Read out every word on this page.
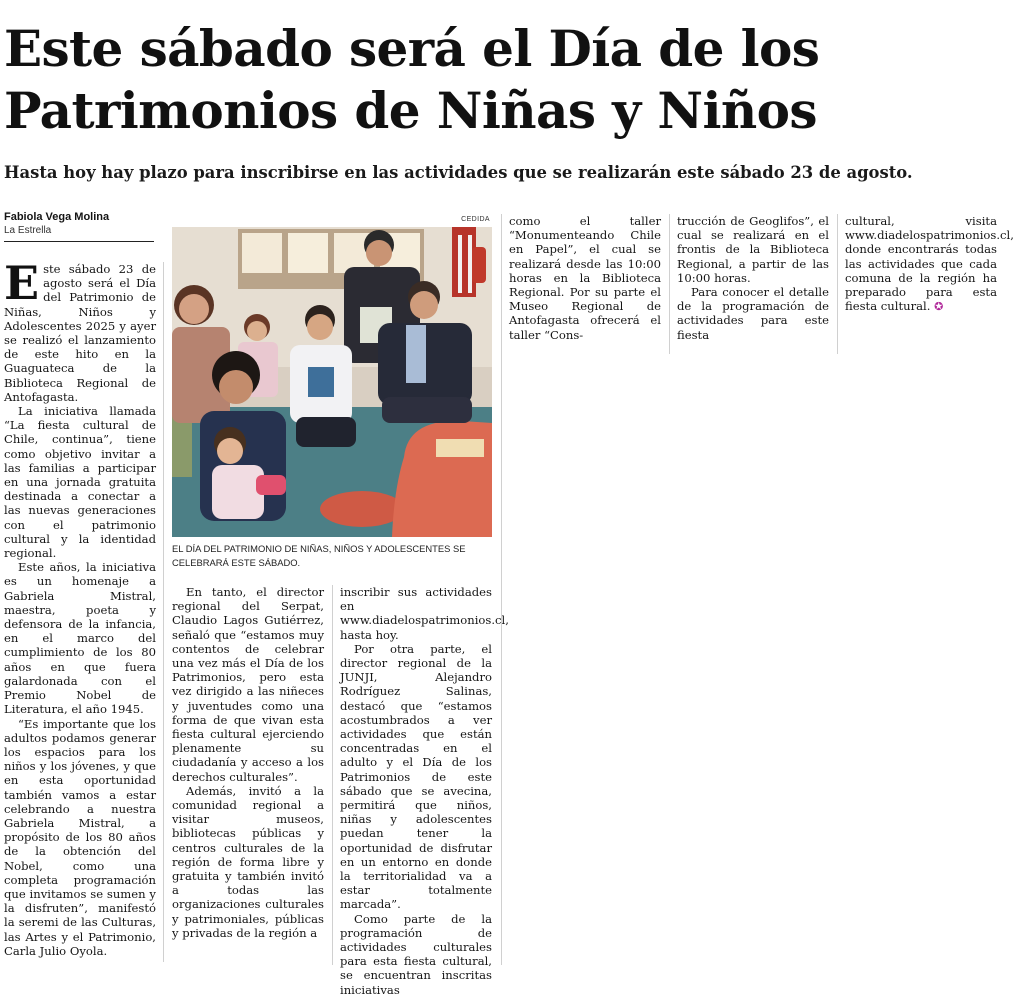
Este sábado será el Día de los
Patrimonios de Niñas y Niños

Hasta hoy hay plazo para inscribirse en las actividades que se realizarán este sábado 23 de agosto.

Fabiola Vega Molina
La Estrella

Este sábado 23 de agosto será el Día del Patrimonio de Niñas, Niños y Adolescentes 2025 y ayer se realizó el lanzamiento de este hito en la Guaguateca de la Biblioteca Regional de Antofagasta.

La iniciativa llamada “La fiesta cultural de Chile, continua”, tiene como objetivo invitar a las familias a participar en una jornada gratuita destinada a conectar a las nuevas generaciones con el patrimonio cultural y la identidad regional.

Este años, la iniciativa es un homenaje a Gabriela Mistral, maestra, poeta y defensora de la infancia, en el marco del cumplimiento de los 80 años en que fuera galardonada con el Premio Nobel de Literatura, el año 1945.

“Es importante que los adultos podamos generar los espacios para los niños y los jóvenes, y que en esta oportunidad también vamos a estar celebrando a nuestra Gabriela Mistral, a propósito de los 80 años de la obtención del Nobel, como una completa programación que invitamos se sumen y la disfruten”, manifestó la seremi de las Culturas, las Artes y el Patrimonio, Carla Julio Oyola.

CEDIDA

EL DÍA DEL PATRIMONIO DE NIÑAS, NIÑOS Y ADOLESCENTES SE CELEBRARÁ ESTE SÁBADO.

En tanto, el director regional del Serpat, Claudio Lagos Gutiérrez, señaló que “estamos muy contentos de celebrar una vez más el Día de los Patrimonios, pero esta vez dirigido a las niñeces y juventudes como una forma de que vivan esta fiesta cultural ejerciendo plenamente su ciudadanía y acceso a los derechos culturales”.

Además, invitó a la comunidad regional a visitar museos, bibliotecas públicas y centros culturales de la región de forma libre y gratuita y también invitó a todas las organizaciones culturales y patrimoniales, públicas y privadas de la región a

inscribir sus actividades en www.diadelospatrimonios.cl, hasta hoy.

Por otra parte, el director regional de la JUNJI, Alejandro Rodríguez Salinas, destacó que “estamos acostumbrados a ver actividades que están concentradas en el adulto y el Día de los Patrimonios de este sábado que se avecina, permitirá que niños, niñas y adolescentes puedan tener la oportunidad de disfrutar en un entorno en donde la territorialidad va a estar totalmente marcada”.

Como parte de la programación de actividades culturales para esta fiesta cultural, se encuentran inscritas iniciativas

como el taller “Monumenteando Chile en Papel”, el cual se realizará desde las 10:00 horas en la Biblioteca Regional. Por su parte el Museo Regional de Antofagasta ofrecerá el taller “Cons-

trucción de Geoglifos”, el cual se realizará en el frontis de la Biblioteca Regional, a partir de las 10:00 horas.

Para conocer el detalle de la programación de actividades para este fiesta

cultural, visita www.diadelospatrimonios.cl, donde encontrarás todas las actividades que cada comuna de la región ha preparado para esta fiesta cultural. ✪
